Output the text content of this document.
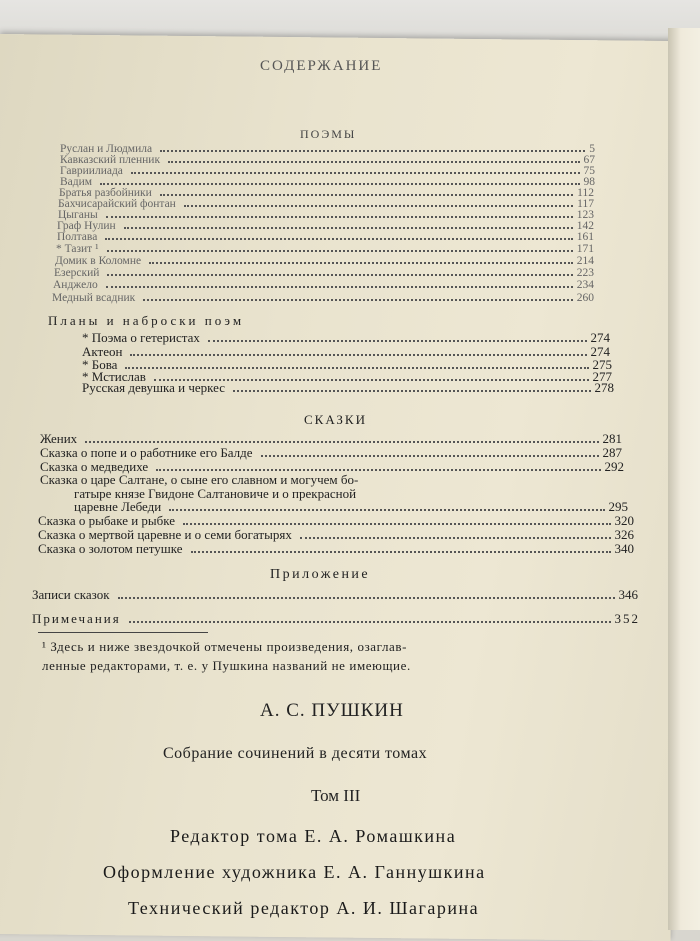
СОДЕРЖАНИЕ
ПОЭМЫ
Руслан и Людмила	5
Кавказский пленник	67
Гавриилиада	75
Вадим	98
Братья разбойники	112
Бахчисарайский фонтан	117
Цыганы	123
Граф Нулин	142
Полтава	161
* Тазит ¹	171
Домик в Коломне	214
Езерский	223
Анджело	234
Медный всадник	260
Планы и наброски поэм
* Поэма о гетеристах	274
Актеон	274
* Бова	275
* Мстислав	277
Русская девушка и черкес	278
СКАЗКИ
Жених	281
Сказка о попе и о работнике его Балде	287
Сказка о медведихе	292
Сказка о царе Салтане, о сыне его славном и могучем бо-
гатыре князе Гвидоне Салтановиче и о прекрасной
царевне Лебеди	295
Сказка о рыбаке и рыбке	320
Сказка о мертвой царевне и о семи богатырях	326
Сказка о золотом петушке	340
Приложение
Записи сказок	346
Примечания	352
¹ Здесь и ниже звездочкой отмечены произведения, озаглав-
ленные редакторами, т. е. у Пушкина названий не имеющие.
А. С. ПУШКИН
Собрание сочинений в десяти томах
Том III
Редактор тома Е. А. Ромашкина
Оформление художника Е. А. Ганнушкина
Технический редактор А. И. Шагарина
